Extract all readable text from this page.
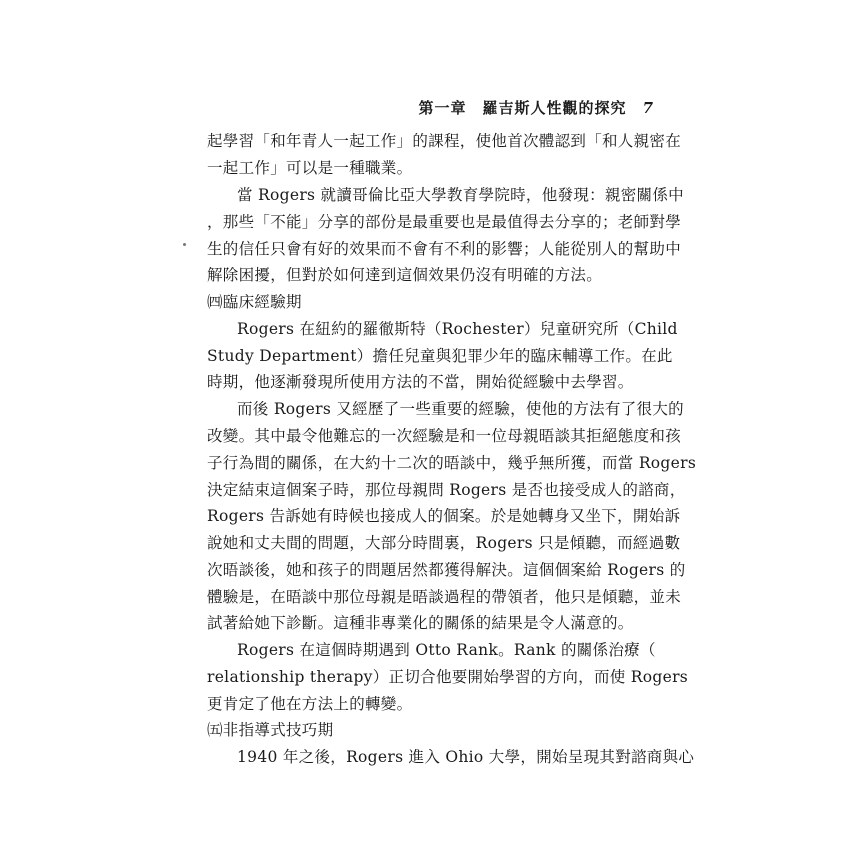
第一章　羅吉斯人性觀的探究 7
起學習「和年青人一起工作」的課程，使他首次體認到「和人親密在
一起工作」可以是一種職業。
當 Rogers 就讀哥倫比亞大學教育學院時，他發現：親密關係中
，那些「不能」分享的部份是最重要也是最值得去分享的；老師對學
生的信任只會有好的效果而不會有不利的影響；人能從別人的幫助中
解除困擾，但對於如何達到這個效果仍沒有明確的方法。
㈣臨床經驗期
Rogers 在紐約的羅徹斯特（Rochester）兒童研究所（Child
Study Department）擔任兒童與犯罪少年的臨床輔導工作。在此
時期，他逐漸發現所使用方法的不當，開始從經驗中去學習。
而後 Rogers 又經歷了一些重要的經驗，使他的方法有了很大的
改變。其中最令他難忘的一次經驗是和一位母親晤談其拒絕態度和孩
子行為間的關係，在大約十二次的晤談中，幾乎無所獲，而當 Rogers
決定結束這個案子時，那位母親問 Rogers 是否也接受成人的諮商，
Rogers 告訴她有時候也接成人的個案。於是她轉身又坐下，開始訴
說她和丈夫間的問題，大部分時間裏，Rogers 只是傾聽，而經過數
次晤談後，她和孩子的問題居然都獲得解決。這個個案給 Rogers 的
體驗是，在晤談中那位母親是晤談過程的帶領者，他只是傾聽，並未
試著給她下診斷。這種非專業化的關係的結果是令人滿意的。
Rogers 在這個時期遇到 Otto Rank。Rank 的關係治療（
relationship therapy）正切合他要開始學習的方向，而使 Rogers
更肯定了他在方法上的轉變。
㈤非指導式技巧期
1940 年之後，Rogers 進入 Ohio 大學，開始呈現其對諮商與心
